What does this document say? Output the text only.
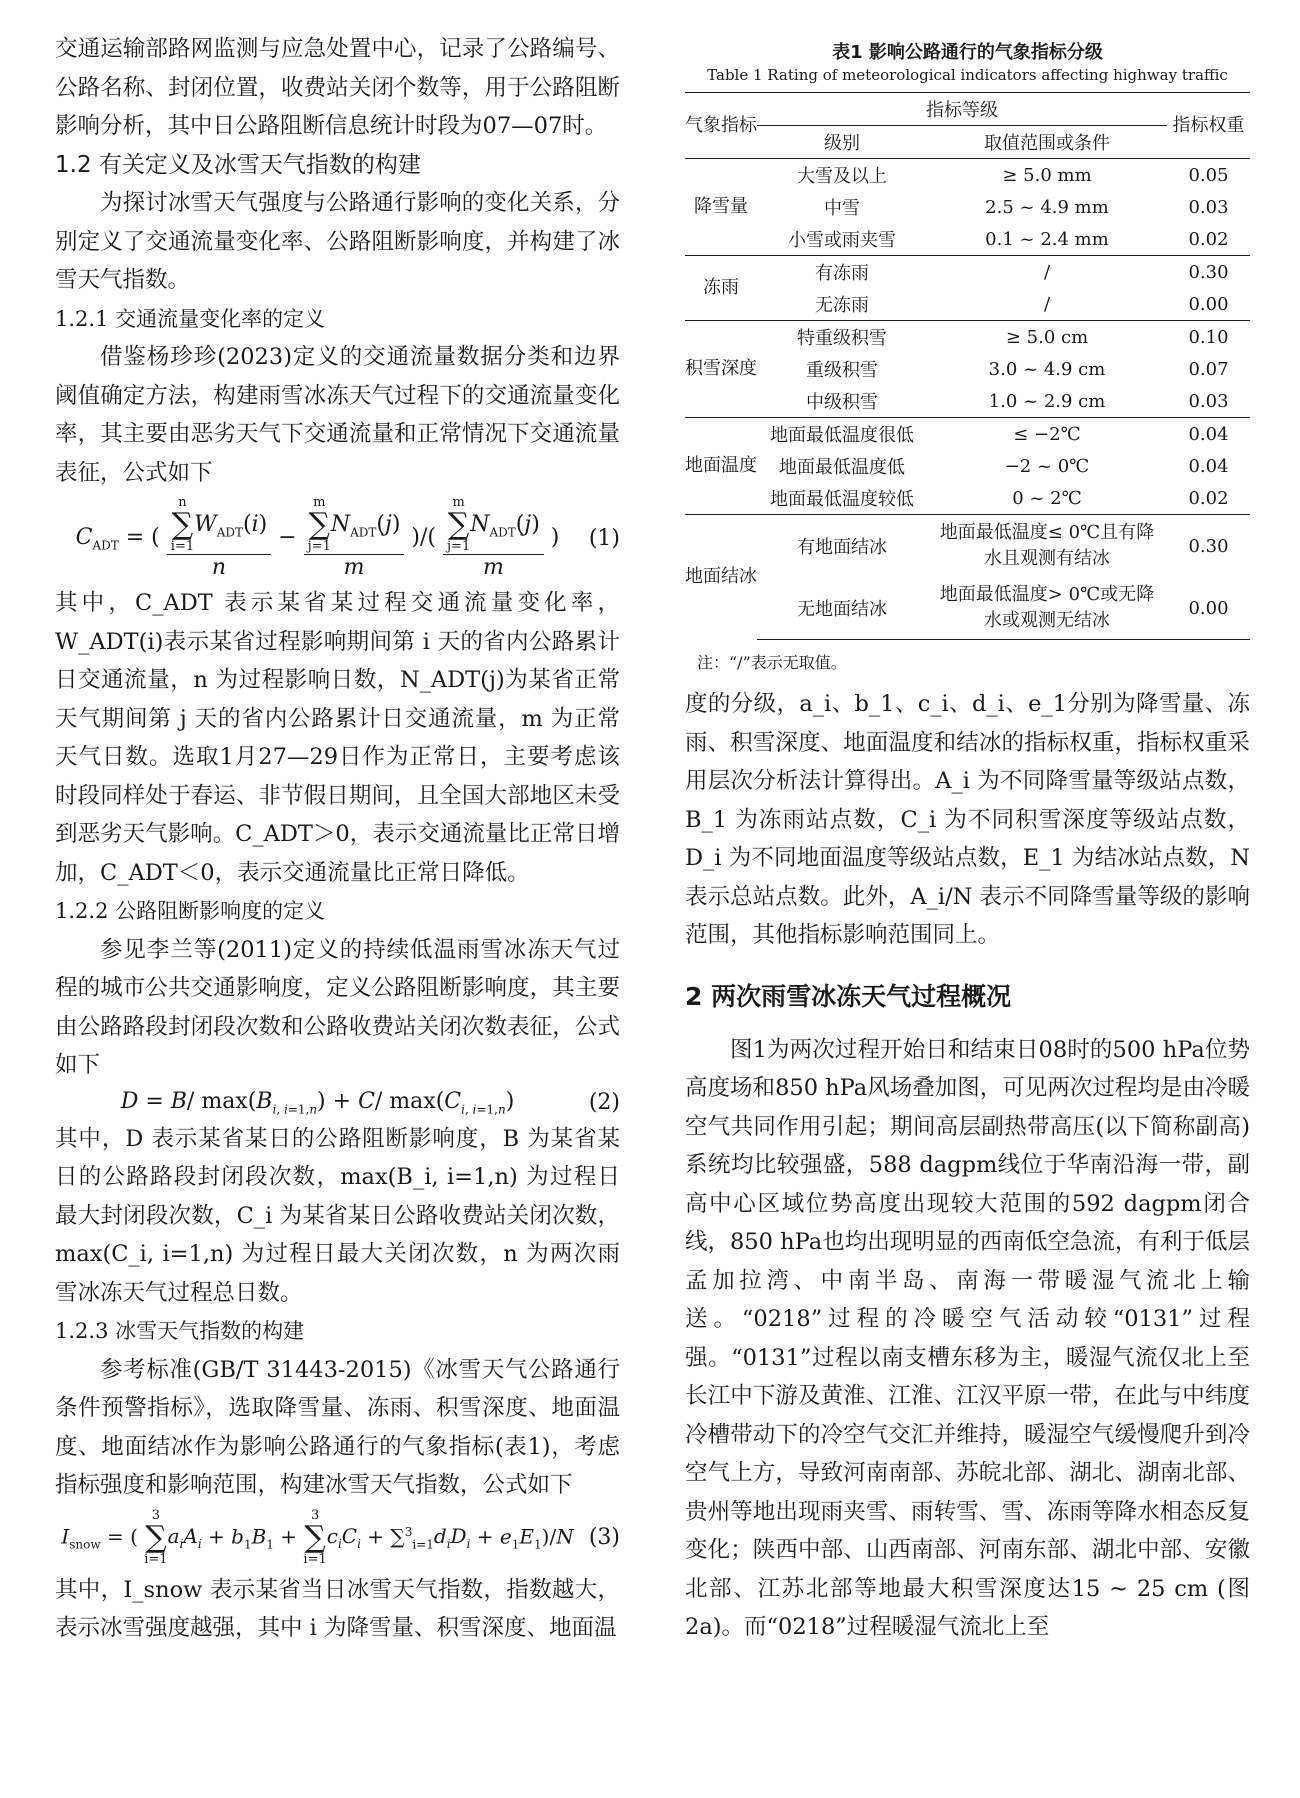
交通运输部路网监测与应急处置中心，记录了公路编号、公路名称、封闭位置，收费站关闭个数等，用于公路阻断影响分析，其中日公路阻断信息统计时段为07—07时。

1.2 有关定义及冰雪天气指数的构建

为探讨冰雪天气强度与公路通行影响的变化关系，分别定义了交通流量变化率、公路阻断影响度，并构建了冰雪天气指数。

1.2.1 交通流量变化率的定义

借鉴杨珍珍(2023)定义的交通流量数据分类和边界阈值确定方法，构建雨雪冰冻天气过程下的交通流量变化率，其主要由恶劣天气下交通流量和正常情况下交通流量表征，公式如下

$C_{ADT}$ = ( n
∑
i=1
$W_{ADT}(i)$
n − m
∑
j=1
$N_{ADT}(j)$
m )/( m
∑
j=1
$N_{ADT}(j)$
m )	(1)

其中，C_ADT 表示某省某过程交通流量变化率，W_ADT(i)表示某省过程影响期间第 i 天的省内公路累计日交通流量，n 为过程影响日数，N_ADT(j)为某省正常天气期间第 j 天的省内公路累计日交通流量，m 为正常天气日数。选取1月27—29日作为正常日，主要考虑该时段同样处于春运、非节假日期间，且全国大部地区未受到恶劣天气影响。C_ADT＞0，表示交通流量比正常日增加，C_ADT＜0，表示交通流量比正常日降低。

1.2.2 公路阻断影响度的定义

参见李兰等(2011)定义的持续低温雨雪冰冻天气过程的城市公共交通影响度，定义公路阻断影响度，其主要由公路路段封闭段次数和公路收费站关闭次数表征，公式如下

D = B/ $\max(B_{i, i=1,n}) + C/$ $\max(C_{i, i=1,n})$	(2)

其中，D 表示某省某日的公路阻断影响度，B 为某省某日的公路路段封闭段次数，max(B_i, i=1,n) 为过程日最大封闭段次数，C_i 为某省某日公路收费站关闭次数，max(C_i, i=1,n) 为过程日最大关闭次数，n 为两次雨雪冰冻天气过程总日数。

1.2.3 冰雪天气指数的构建

参考标准(GB/T 31443-2015)《冰雪天气公路通行条件预警指标》，选取降雪量、冻雨、积雪深度、地面温度、地面结冰作为影响公路通行的气象指标(表1)，考虑指标强度和影响范围，构建冰雪天气指数，公式如下

$I_{snow}$ = (
3
∑
i=1
$a_iA_i + b_1B_1$ +
3
∑
i=1
$c_iC_i + \sum^3_{i=1}d_iD_i + e_1E_1)/N$ (3)

其中，I_snow 表示某省当日冰雪天气指数，指数越大，表示冰雪强度越强，其中 i 为降雪量、积雪深度、地面温

表1 影响公路通行的气象指标分级
Table 1 Rating of meteorological indicators affecting highway traffic
气象指标	指标等级		指标权重
	级别	取值范围或条件	
降雪量	大雪及以上	≥ 5.0 mm	0.05
	中雪	2.5 ~ 4.9 mm	0.03
	小雪或雨夹雪	0.1 ~ 2.4 mm	0.02
冻雨	有冻雨	/	0.30
	无冻雨	/	0.00
积雪深度	特重级积雪	≥ 5.0 cm	0.10
	重级积雪	3.0 ~ 4.9 cm	0.07
	中级积雪	1.0 ~ 2.9 cm	0.03
地面温度	地面最低温度很低	≤ −2℃	0.04
	地面最低温度低	−2 ~ 0℃	0.04
	地面最低温度较低	0 ~ 2℃	0.02
地面结冰	有地面结冰	地面最低温度≤ 0℃且有降水且观测有结冰	0.30
	无地面结冰	地面最低温度> 0℃或无降水或观测无结冰	0.00
注：“/”表示无取值。

度的分级，a_i、b_1、c_i、d_i、e_1分别为降雪量、冻雨、积雪深度、地面温度和结冰的指标权重，指标权重采用层次分析法计算得出。A_i 为不同降雪量等级站点数，B_1 为冻雨站点数，C_i 为不同积雪深度等级站点数，D_i 为不同地面温度等级站点数，E_1 为结冰站点数，N 表示总站点数。此外，A_i/N 表示不同降雪量等级的影响范围，其他指标影响范围同上。

2 两次雨雪冰冻天气过程概况

图1为两次过程开始日和结束日08时的500 hPa位势高度场和850 hPa风场叠加图，可见两次过程均是由冷暖空气共同作用引起；期间高层副热带高压(以下简称副高)系统均比较强盛，588 dagpm线位于华南沿海一带，副高中心区域位势高度出现较大范围的592 dagpm闭合线，850 hPa也均出现明显的西南低空急流，有利于低层孟加拉湾、中南半岛、南海一带暖湿气流北上输送。“0218”过程的冷暖空气活动较“0131”过程强。“0131”过程以南支槽东移为主，暖湿气流仅北上至长江中下游及黄淮、江淮、江汉平原一带，在此与中纬度冷槽带动下的冷空气交汇并维持，暖湿空气缓慢爬升到冷空气上方，导致河南南部、苏皖北部、湖北、湖南北部、贵州等地出现雨夹雪、雨转雪、雪、冻雨等降水相态反复变化；陕西中部、山西南部、河南东部、湖北中部、安徽北部、江苏北部等地最大积雪深度达15 ~ 25 cm (图2a)。而“0218”过程暖湿气流北上至
